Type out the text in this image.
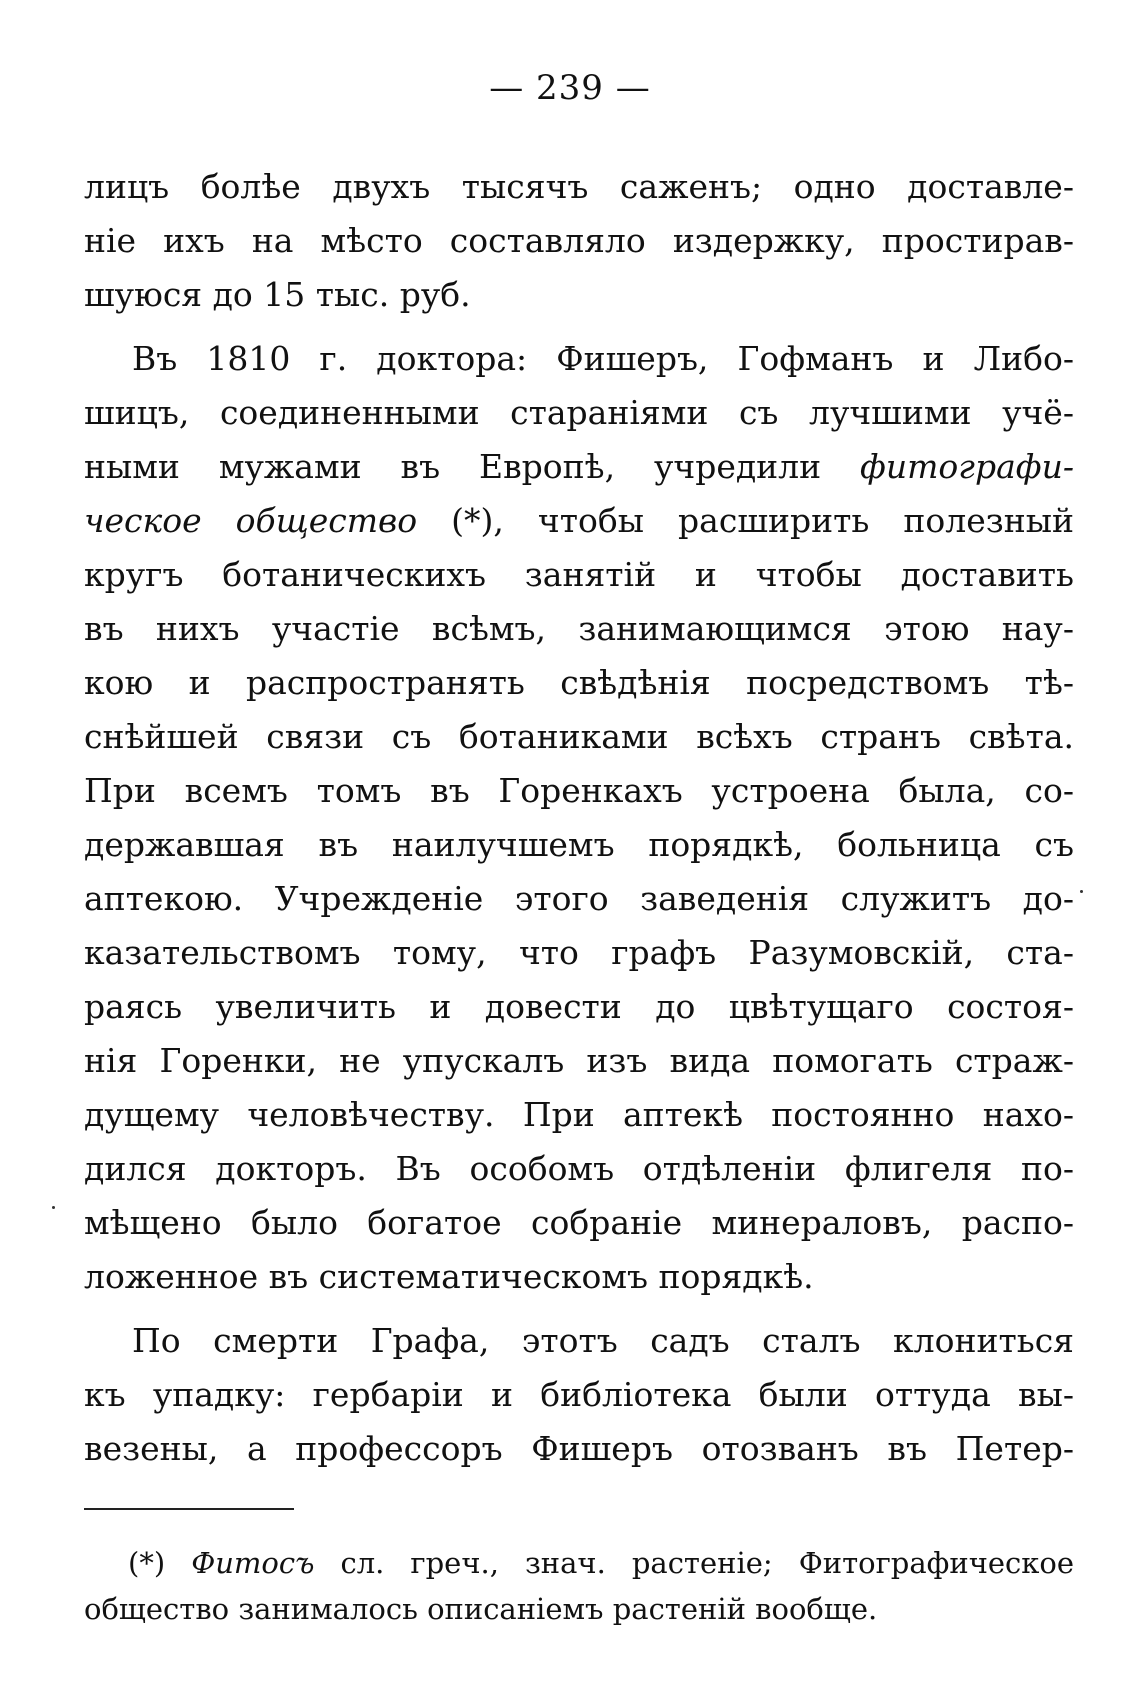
— 239 —
лицъ болѣе двухъ тысячъ саженъ; одно доставле-
ніе ихъ на мѣсто составляло издержку, простирав-
шуюся до 15 тыс. руб.
Въ 1810 г. доктора: Фишеръ, Гофманъ и Либо-
шицъ, соединенными стараніями съ лучшими учё-
ными мужами въ Европѣ, учредили фитографи-
ческое общество (*), чтобы расширить полезный
кругъ ботаническихъ занятій и чтобы доставить
въ нихъ участіе всѣмъ, занимающимся этою нау-
кою и распространять свѣдѣнія посредствомъ тѣ-
снѣйшей связи съ ботаниками всѣхъ странъ свѣта.
При всемъ томъ въ Горенкахъ устроена была, со-
державшая въ наилучшемъ порядкѣ, больница съ
аптекою. Учрежденіе этого заведенія служитъ до-
казательствомъ тому, что графъ Разумовскій, ста-
раясь увеличить и довести до цвѣтущаго состоя-
нія Горенки, не упускалъ изъ вида помогать страж-
дущему человѣчеству. При аптекѣ постоянно нахо-
дился докторъ. Въ особомъ отдѣленіи флигеля по-
мѣщено было богатое собраніе минераловъ, распо-
ложенное въ систематическомъ порядкѣ.
По смерти Графа, этотъ садъ сталъ клониться
къ упадку: гербаріи и библіотека были оттуда вы-
везены, а профессоръ Фишеръ отозванъ въ Петер-
(*) Фитосъ сл. греч., знач. растеніе; Фитографическое
общество занималось описаніемъ растеній вообще.
